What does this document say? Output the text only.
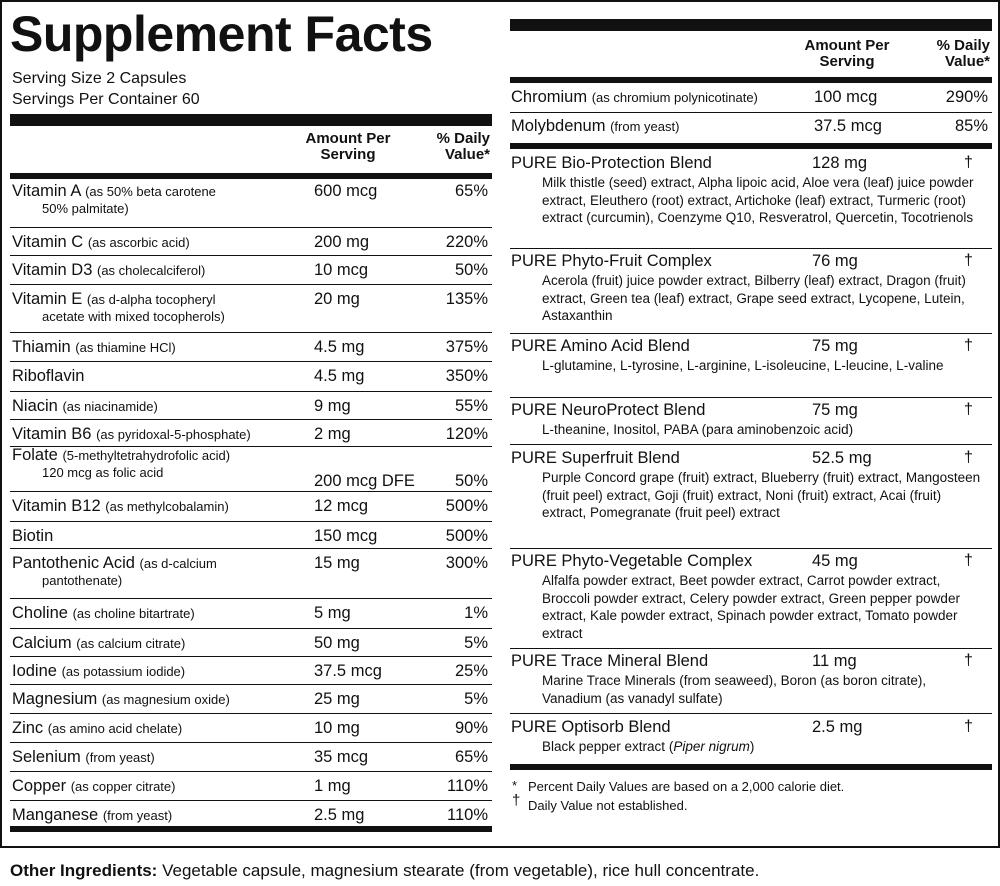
Supplement Facts
Serving Size 2 Capsules
Servings Per Container 60
Amount Per
Serving
% Daily
Value*
Vitamin A (as 50% beta carotene
50% palmitate)
600 mcg	65%
Vitamin C (as ascorbic acid)	200 mg	220%
Vitamin D3 (as cholecalciferol)	10 mcg	50%
Vitamin E (as d-alpha tocopheryl
acetate with mixed tocopherols)
20 mg	135%
Thiamin (as thiamine HCl)	4.5 mg	375%
Riboflavin	4.5 mg	350%
Niacin (as niacinamide)	9 mg	55%
Vitamin B6 (as pyridoxal-5-phosphate)	2 mg	120%
Folate (5-methyltetrahydrofolic acid)
120 mcg as folic acid	200 mcg DFE	50%
Vitamin B12 (as methylcobalamin)	12 mcg	500%
Biotin	150 mcg	500%
Pantothenic Acid (as d-calcium
pantothenate)
15 mg	300%
Choline (as choline bitartrate)	5 mg	1%
Calcium (as calcium citrate)	50 mg	5%
Iodine (as potassium iodide)	37.5 mcg	25%
Magnesium (as magnesium oxide)	25 mg	5%
Zinc (as amino acid chelate)	10 mg	90%
Selenium (from yeast)	35 mcg	65%
Copper (as copper citrate)	1 mg	110%
Manganese (from yeast)	2.5 mg	110%
Amount Per
Serving
% Daily
Value*
Chromium (as chromium polynicotinate)	100 mcg	290%
Molybdenum (from yeast)	37.5 mcg	85%
PURE Bio-Protection Blend	128 mg	†
Milk thistle (seed) extract, Alpha lipoic acid, Aloe vera (leaf) juice powder extract, Eleuthero (root) extract, Artichoke (leaf) extract, Turmeric (root) extract (curcumin), Coenzyme Q10, Resveratrol, Quercetin, Tocotrienols
PURE Phyto-Fruit Complex	76 mg	†
Acerola (fruit) juice powder extract, Bilberry (leaf) extract, Dragon (fruit) extract, Green tea (leaf) extract, Grape seed extract, Lycopene, Lutein, Astaxanthin
PURE Amino Acid Blend	75 mg	†
L-glutamine, L-tyrosine, L-arginine, L-isoleucine, L-leucine, L-valine
PURE NeuroProtect Blend	75 mg	†
L-theanine, Inositol, PABA (para aminobenzoic acid)
PURE Superfruit Blend	52.5 mg	†
Purple Concord grape (fruit) extract, Blueberry (fruit) extract, Mangosteen (fruit peel) extract, Goji (fruit) extract, Noni (fruit) extract, Acai (fruit) extract, Pomegranate (fruit peel) extract
PURE Phyto-Vegetable Complex	45 mg	†
Alfalfa powder extract, Beet powder extract, Carrot powder extract, Broccoli powder extract, Celery powder extract, Green pepper powder extract, Kale powder extract, Spinach powder extract, Tomato powder extract
PURE Trace Mineral Blend	11 mg	†
Marine Trace Minerals (from seaweed), Boron (as boron citrate), Vanadium (as vanadyl sulfate)
PURE Optisorb Blend	2.5 mg	†
Black pepper extract (Piper nigrum)
* Percent Daily Values are based on a 2,000 calorie diet.
† Daily Value not established.
Other Ingredients: Vegetable capsule, magnesium stearate (from vegetable), rice hull concentrate.
